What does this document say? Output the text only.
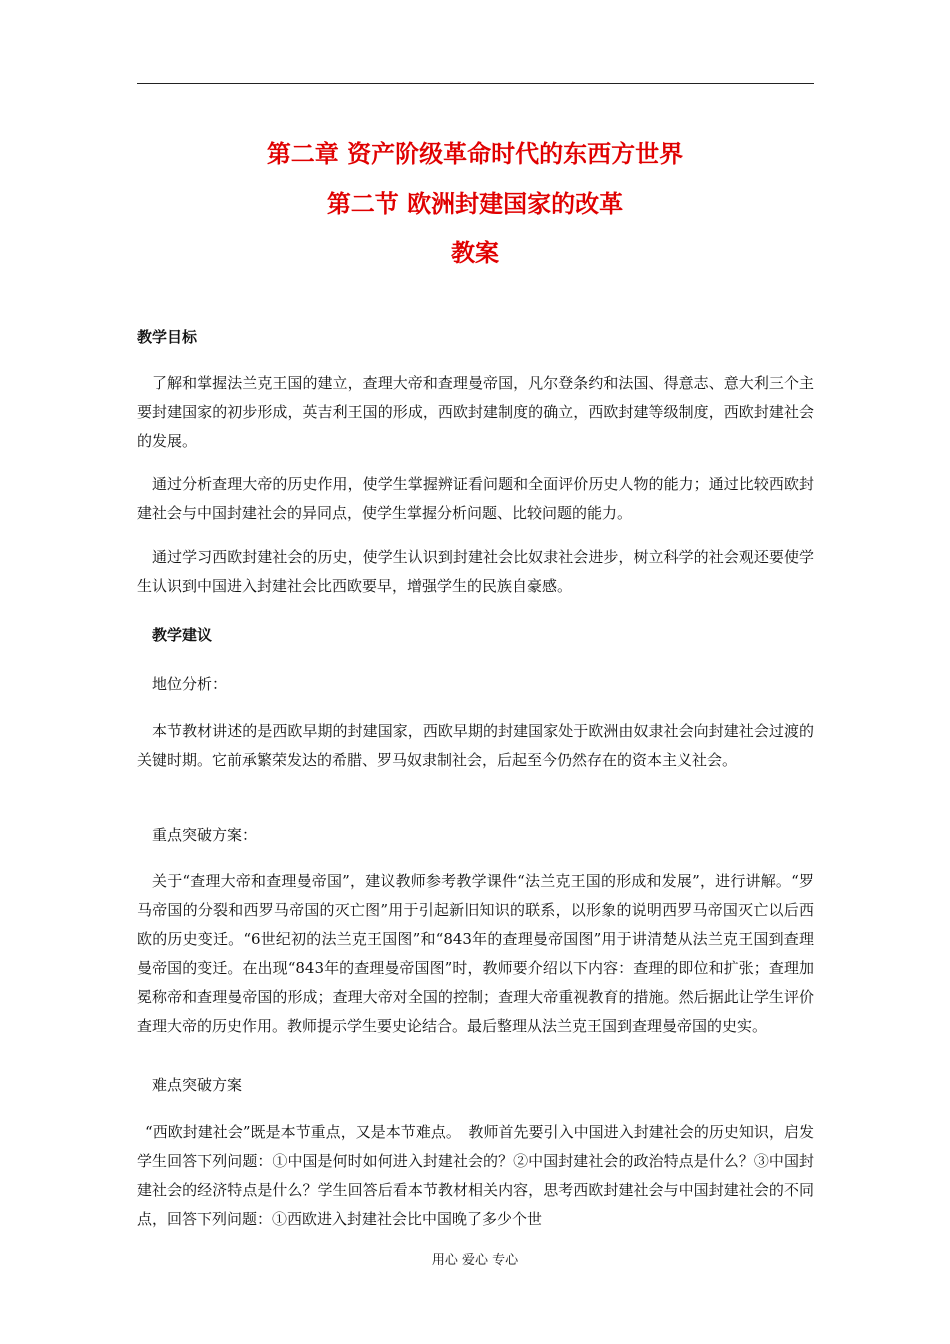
第二章 资产阶级革命时代的东西方世界
第二节 欧洲封建国家的改革
教案
教学目标
了解和掌握法兰克王国的建立，查理大帝和查理曼帝国，凡尔登条约和法国、得意志、意大利三个主要封建国家的初步形成，英吉利王国的形成，西欧封建制度的确立，西欧封建等级制度，西欧封建社会的发展。
通过分析查理大帝的历史作用，使学生掌握辨证看问题和全面评价历史人物的能力；通过比较西欧封建社会与中国封建社会的异同点，使学生掌握分析问题、比较问题的能力。
通过学习西欧封建社会的历史，使学生认识到封建社会比奴隶社会进步，树立科学的社会观还要使学生认识到中国进入封建社会比西欧要早，增强学生的民族自豪感。
教学建议
地位分析：
本节教材讲述的是西欧早期的封建国家，西欧早期的封建国家处于欧洲由奴隶社会向封建社会过渡的关键时期。它前承繁荣发达的希腊、罗马奴隶制社会，后起至今仍然存在的资本主义社会。
重点突破方案：
关于“查理大帝和查理曼帝国”，建议教师参考教学课件“法兰克王国的形成和发展”，进行讲解。“罗马帝国的分裂和西罗马帝国的灭亡图”用于引起新旧知识的联系，以形象的说明西罗马帝国灭亡以后西欧的历史变迁。“6世纪初的法兰克王国图”和“843年的查理曼帝国图”用于讲清楚从法兰克王国到查理曼帝国的变迁。在出现“843年的查理曼帝国图”时，教师要介绍以下内容：查理的即位和扩张；查理加冕称帝和查理曼帝国的形成；查理大帝对全国的控制；查理大帝重视教育的措施。然后据此让学生评价查理大帝的历史作用。教师提示学生要史论结合。最后整理从法兰克王国到查理曼帝国的史实。
难点突破方案
“西欧封建社会”既是本节重点，又是本节难点。　教师首先要引入中国进入封建社会的历史知识，启发学生回答下列问题：①中国是何时如何进入封建社会的？②中国封建社会的政治特点是什么？③中国封建社会的经济特点是什么？学生回答后看本节教材相关内容，思考西欧封建社会与中国封建社会的不同点，回答下列问题：①西欧进入封建社会比中国晚了多少个世
用心 爱心 专心
